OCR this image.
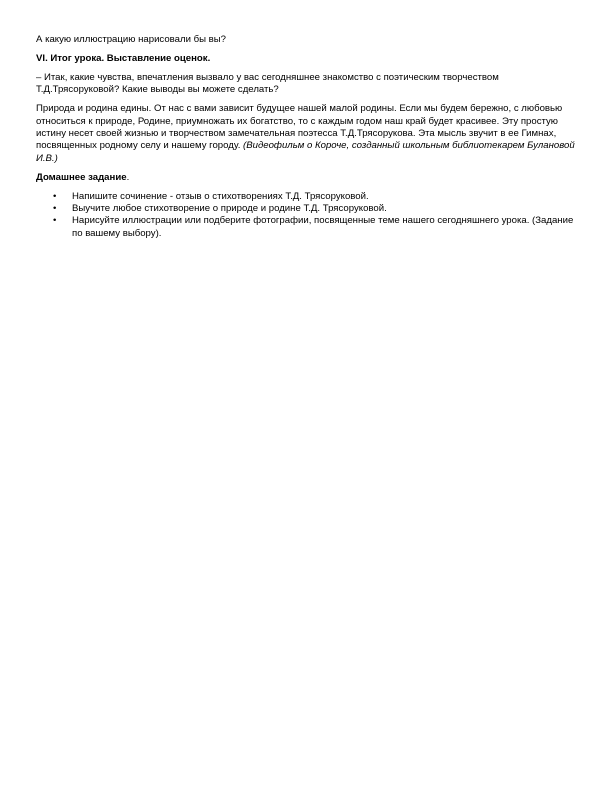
А какую иллюстрацию нарисовали бы вы?

VI. Итог урока. Выставление оценок.

– Итак, какие чувства, впечатления вызвало у вас сегодняшнее знакомство с поэтическим творчеством Т.Д.Трясоруковой? Какие выводы вы можете сделать?

Природа и родина едины. От нас с вами зависит будущее нашей малой родины. Если мы будем бережно, с любовью относиться к природе, Родине, приумножать их богатство, то с каждым годом наш край будет красивее. Эту простую истину несет своей жизнью и творчеством замечательная поэтесса Т.Д.Трясорукова. Эта мысль звучит в ее Гимнах, посвященных родному селу и нашему городу. (Видеофильм о Короче, созданный школьным библиотекарем Булановой И.В.)

Домашнее задание.

• Напишите сочинение - отзыв о стихотворениях Т.Д. Трясоруковой.
• Выучите любое стихотворение о природе и родине Т.Д. Трясоруковой.
• Нарисуйте иллюстрации или подберите фотографии, посвященные теме нашего сегодняшнего урока. (Задание по вашему выбору).
